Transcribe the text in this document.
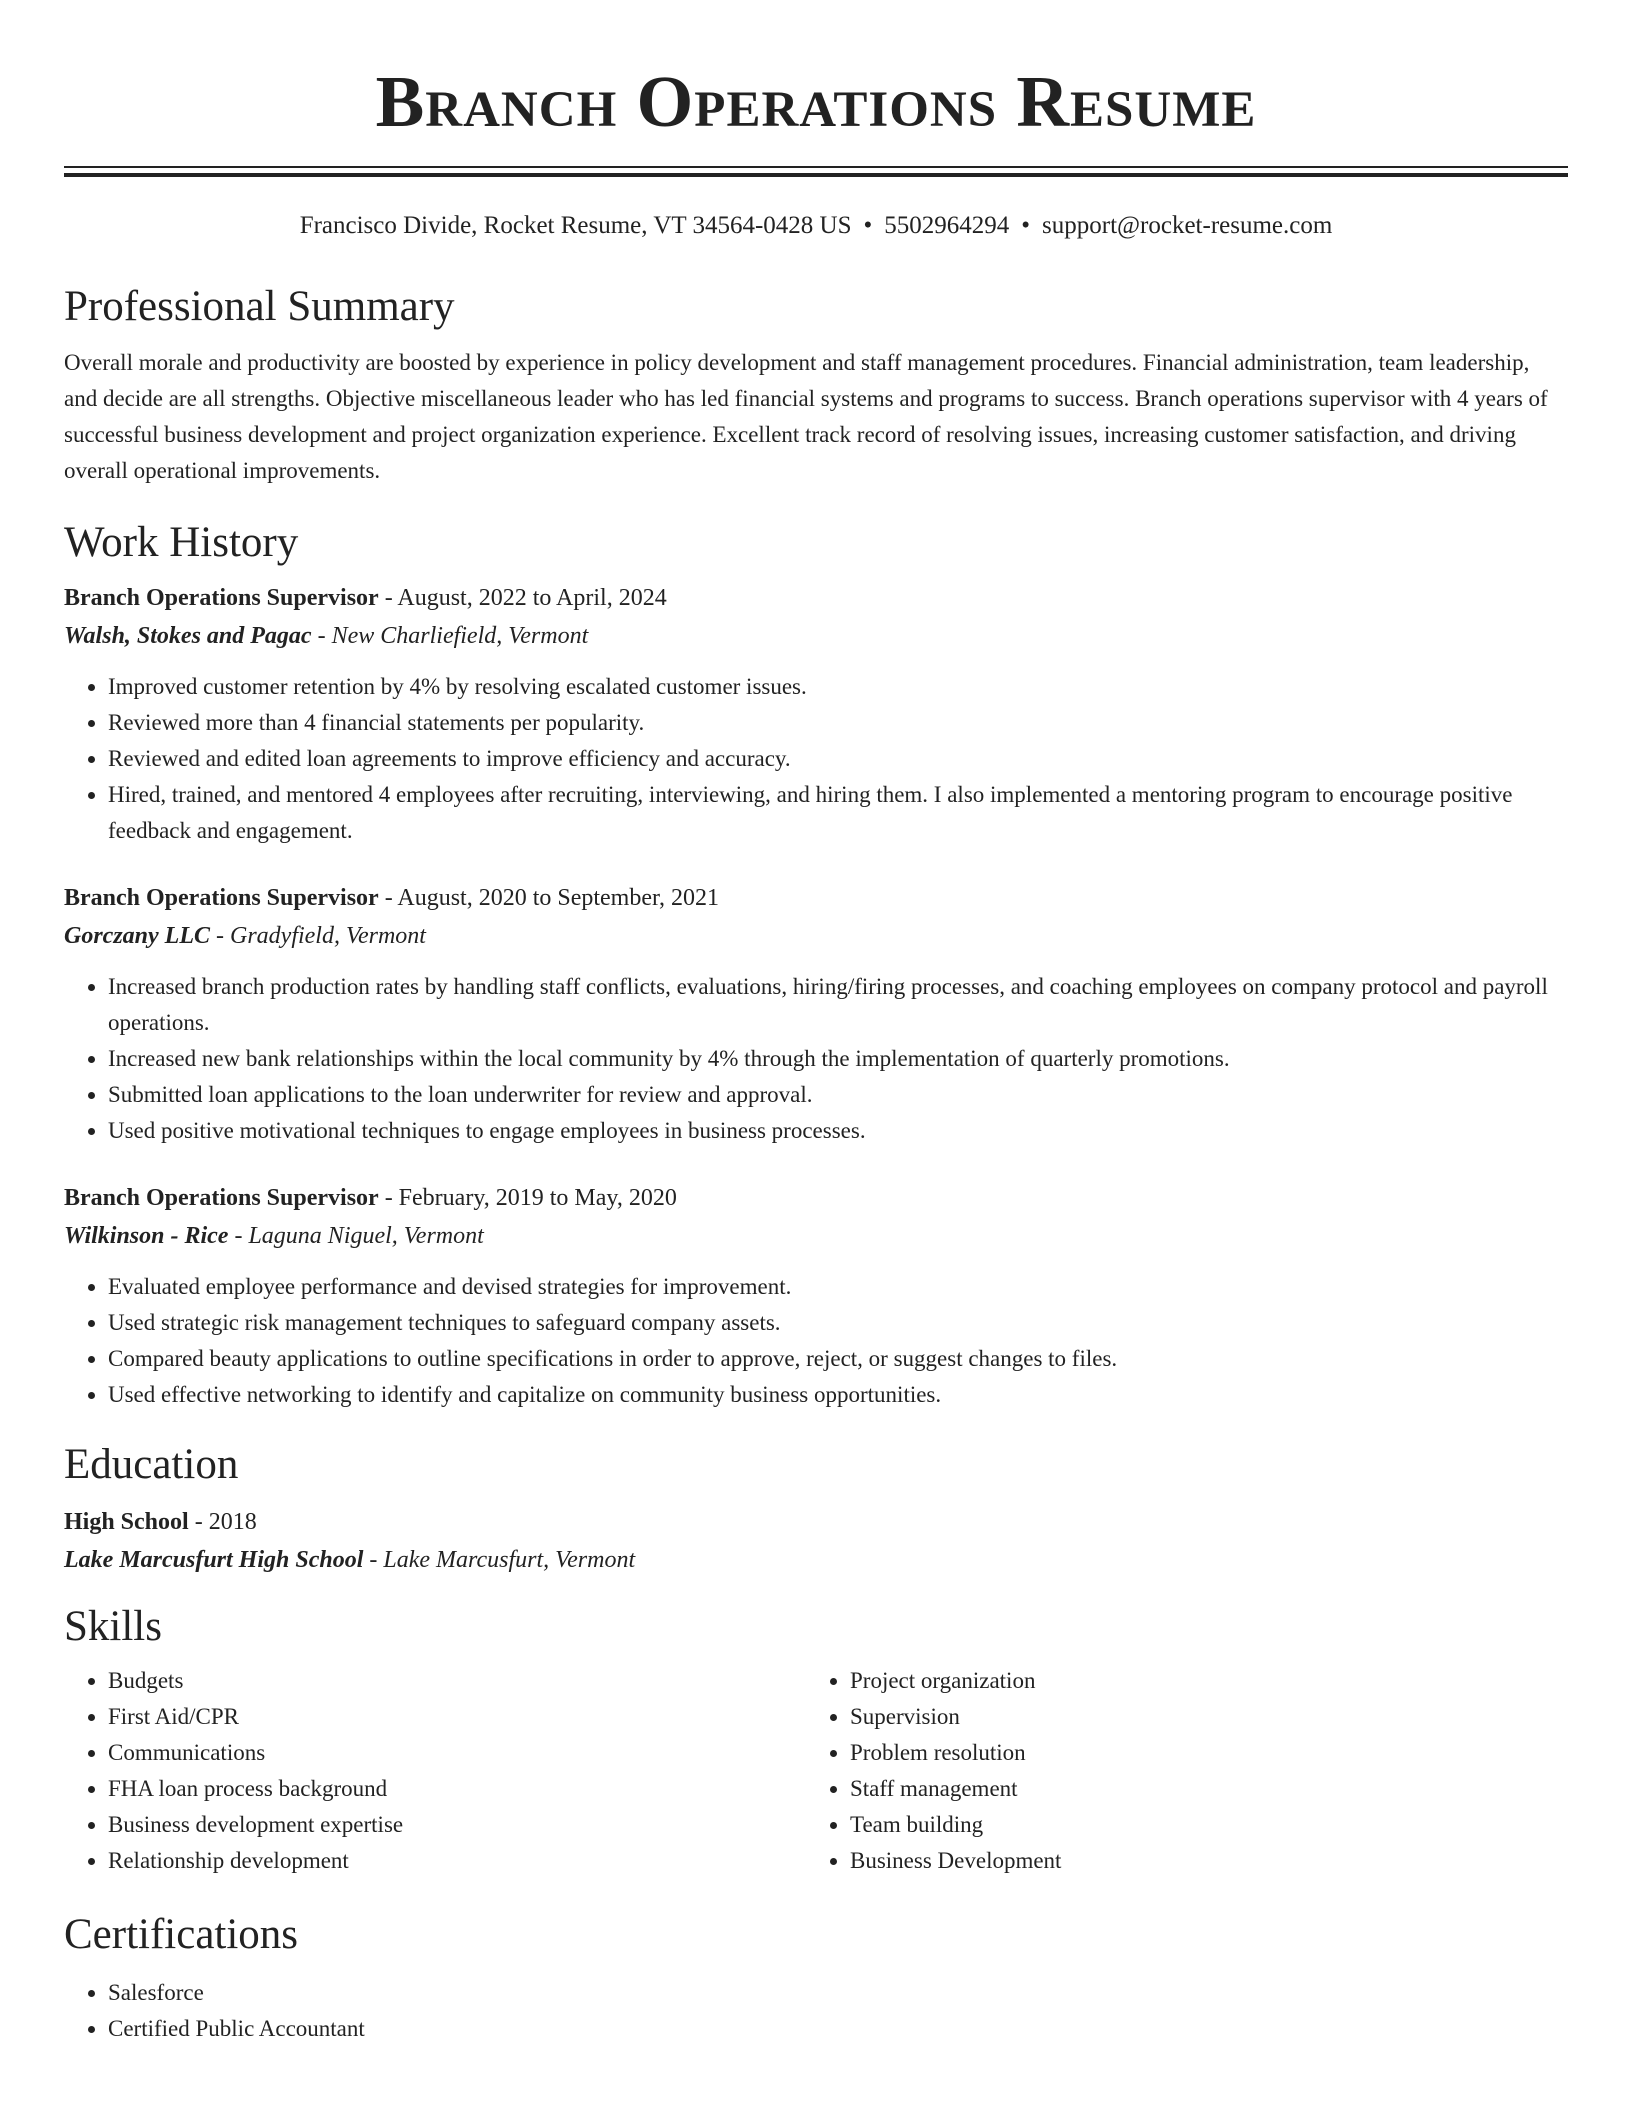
Branch Operations Resume
Francisco Divide, Rocket Resume, VT 34564-0428 US • 5502964294 • support@rocket-resume.com
Professional Summary
Overall morale and productivity are boosted by experience in policy development and staff management procedures. Financial administration, team leadership, and decide are all strengths. Objective miscellaneous leader who has led financial systems and programs to success. Branch operations supervisor with 4 years of successful business development and project organization experience. Excellent track record of resolving issues, increasing customer satisfaction, and driving overall operational improvements.
Work History
Branch Operations Supervisor - August, 2022 to April, 2024
Walsh, Stokes and Pagac - New Charliefield, Vermont
• Improved customer retention by 4% by resolving escalated customer issues.
• Reviewed more than 4 financial statements per popularity.
• Reviewed and edited loan agreements to improve efficiency and accuracy.
• Hired, trained, and mentored 4 employees after recruiting, interviewing, and hiring them. I also implemented a mentoring program to encourage positive feedback and engagement.
Branch Operations Supervisor - August, 2020 to September, 2021
Gorczany LLC - Gradyfield, Vermont
• Increased branch production rates by handling staff conflicts, evaluations, hiring/firing processes, and coaching employees on company protocol and payroll operations.
• Increased new bank relationships within the local community by 4% through the implementation of quarterly promotions.
• Submitted loan applications to the loan underwriter for review and approval.
• Used positive motivational techniques to engage employees in business processes.
Branch Operations Supervisor - February, 2019 to May, 2020
Wilkinson - Rice - Laguna Niguel, Vermont
• Evaluated employee performance and devised strategies for improvement.
• Used strategic risk management techniques to safeguard company assets.
• Compared beauty applications to outline specifications in order to approve, reject, or suggest changes to files.
• Used effective networking to identify and capitalize on community business opportunities.
Education
High School - 2018
Lake Marcusfurt High School - Lake Marcusfurt, Vermont
Skills
• Budgets
• First Aid/CPR
• Communications
• FHA loan process background
• Business development expertise
• Relationship development
• Project organization
• Supervision
• Problem resolution
• Staff management
• Team building
• Business Development
Certifications
• Salesforce
• Certified Public Accountant
